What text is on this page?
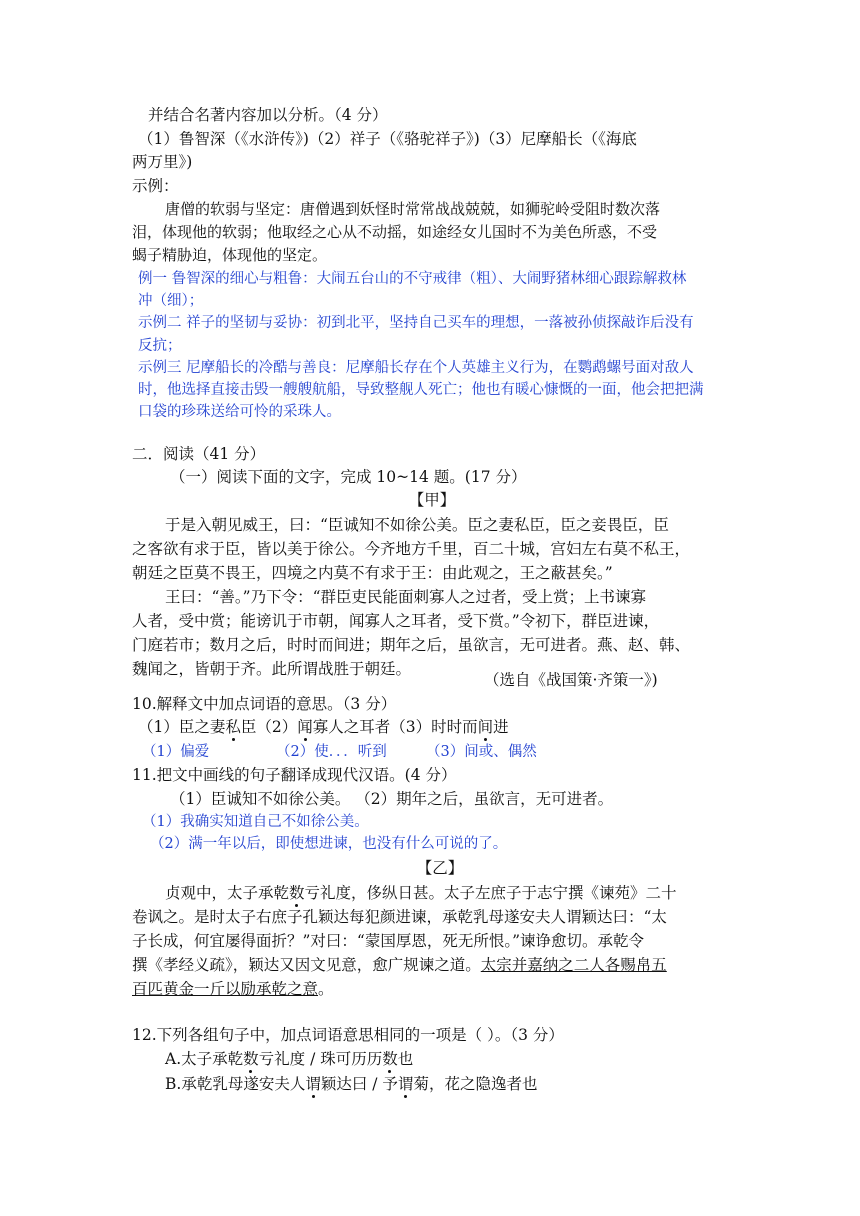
并结合名著内容加以分析。（4 分）
（1）鲁智深（《水浒传》)（2）祥子（《骆驼祥子》)（3）尼摩船长（《海底
两万里》)
示例：
唐僧的软弱与坚定：唐僧遇到妖怪时常常战战兢兢，如狮驼岭受阻时数次落
泪，体现他的软弱；他取经之心从不动摇，如途经女儿国时不为美色所惑，不受
蝎子精胁迫，体现他的坚定。
例一 鲁智深的细心与粗鲁：大闹五台山的不守戒律（粗）、大闹野猪林细心跟踪解救林
冲（细）；
示例二 祥子的坚韧与妥协：初到北平，坚持自己买车的理想，一落被孙侦探敲诈后没有
反抗；
示例三 尼摩船长的冷酷与善良：尼摩船长存在个人英雄主义行为，在鹦鹉螺号面对敌人
时，他选择直接击毁一艘艘航船，导致整舰人死亡；他也有暖心慷慨的一面，他会把把满
口袋的珍珠送给可怜的采珠人。
二．阅读（41 分）
（一）阅读下面的文字，完成 10~14 题。(17 分）
【甲】
于是入朝见威王，曰：“臣诚知不如徐公美。臣之妻私臣，臣之妾畏臣，臣
之客欲有求于臣，皆以美于徐公。今齐地方千里，百二十城，宫妇左右莫不私王，
朝廷之臣莫不畏王，四境之内莫不有求于王：由此观之，王之蔽甚矣。”
王曰：“善。”乃下令：“群臣吏民能面刺寡人之过者，受上赏；上书谏寡
人者，受中赏；能谤讥于市朝，闻寡人之耳者，受下赏。”令初下，群臣进谏，
门庭若市；数月之后，时时而间进；期年之后，虽欲言，无可进者。燕、赵、韩、
魏闻之，皆朝于齐。此所谓战胜于朝廷。
（选自《战国策·齐策一》)
10.解释文中加点词语的意思。（3 分）
（1）臣之妻私臣（2）闻寡人之耳者（3）时时而间进
（1）偏爱	（2）使．．．听到	（3）间或、偶然
11.把文中画线的句子翻译成现代汉语。(4 分）
（1）臣诚知不如徐公美。 （2）期年之后，虽欲言，无可进者。
（1）我确实知道自己不如徐公美。
（2）满一年以后，即使想进谏，也没有什么可说的了。
【乙】
贞观中，太子承乾数亏礼度，侈纵日甚。太子左庶子于志宁撰《谏苑》二十
卷讽之。是时太子右庶子孔颖达每犯颜进谏，承乾乳母遂安夫人谓颖达曰：“太
子长成，何宜屡得面折？”对曰：“蒙国厚恩，死无所恨。”谏诤愈切。承乾令
撰《孝经义疏》，颖达又因文见意，愈广规谏之道。太宗并嘉纳之二人各赐帛五
百匹黄金一斤以励承乾之意。
12.下列各组句子中，加点词语意思相同的一项是（ ）。（3 分）
A.太子承乾数亏礼度 / 珠可历历数也
B.承乾乳母遂安夫人谓颖达曰 / 予谓菊，花之隐逸者也
